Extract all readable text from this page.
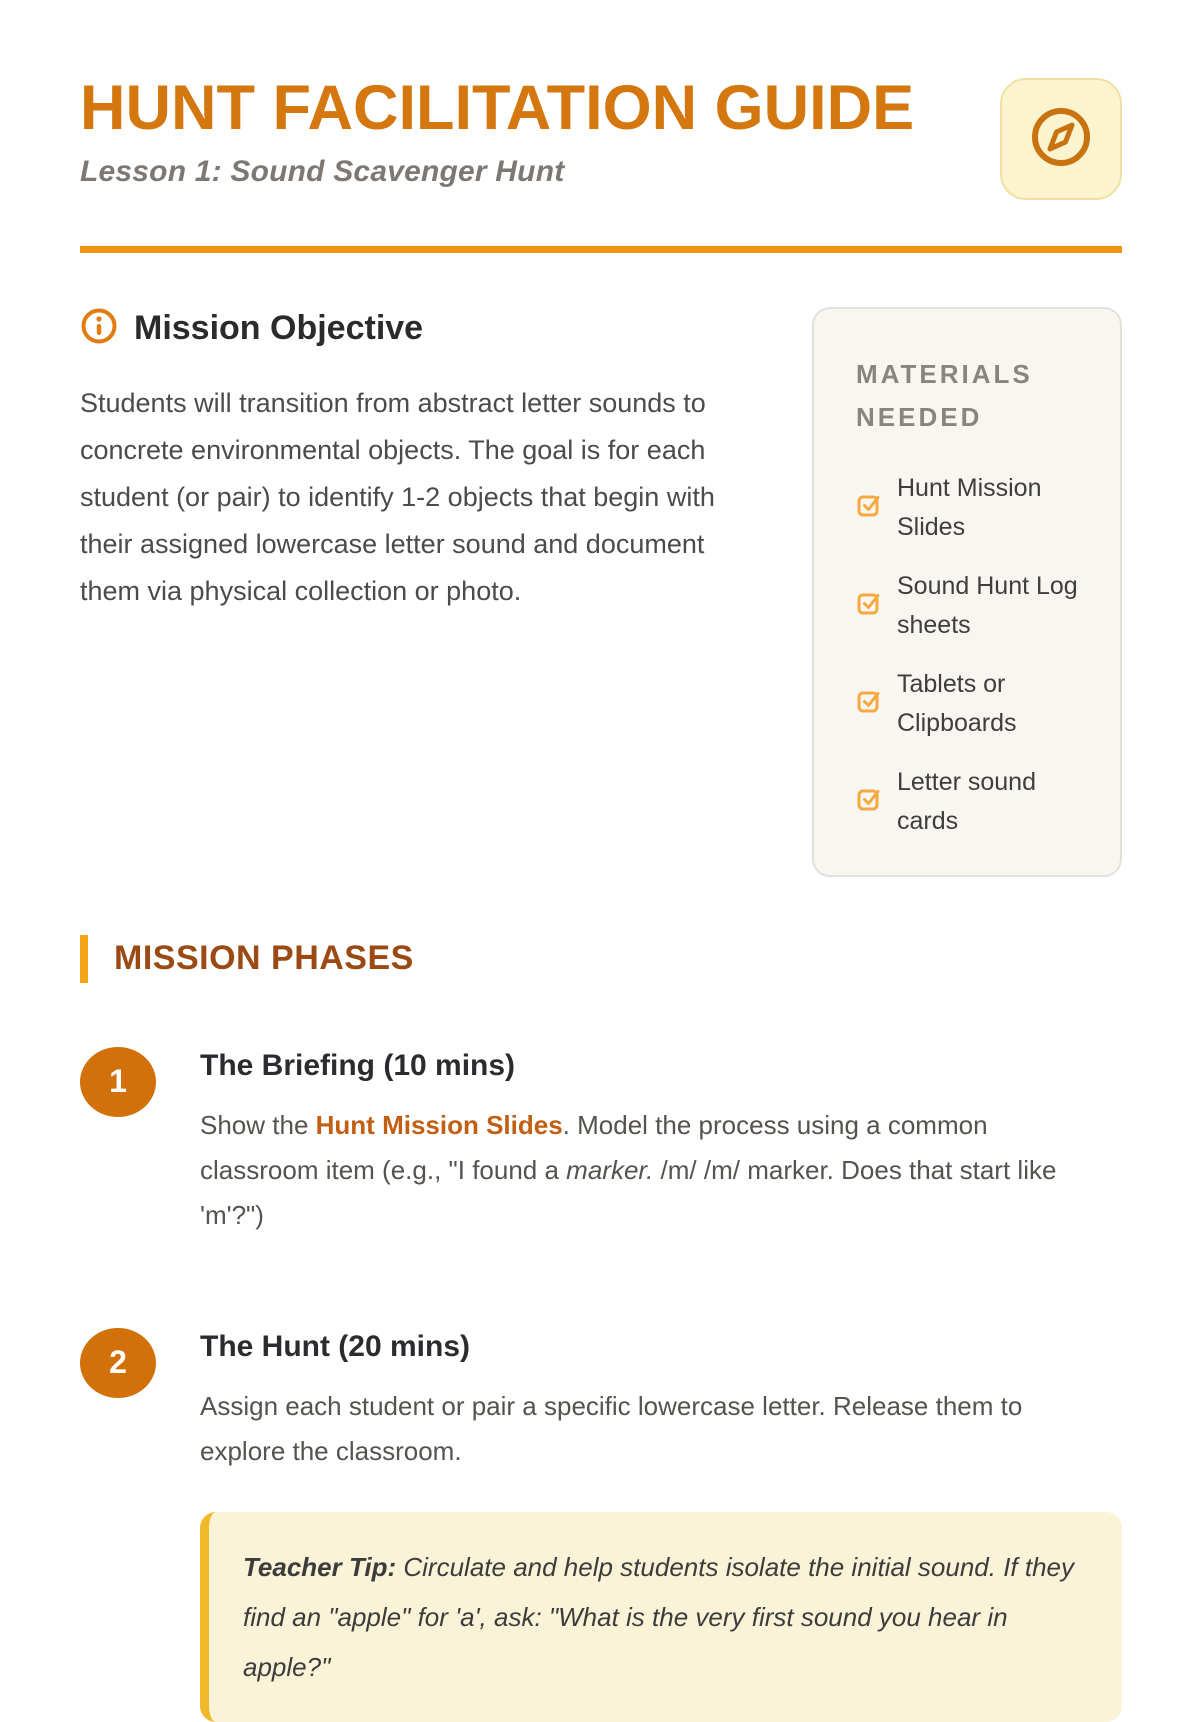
HUNT FACILITATION GUIDE
Lesson 1: Sound Scavenger Hunt
Mission Objective

Students will transition from abstract letter sounds to concrete environmental objects. The goal is for each student (or pair) to identify 1-2 objects that begin with their assigned lowercase letter sound and document them via physical collection or photo.

MATERIALS NEEDED
Hunt Mission Slides
Sound Hunt Log sheets
Tablets or Clipboards
Letter sound cards
MISSION PHASES
1	The Briefing (10 mins)

Show the Hunt Mission Slides. Model the process using a common classroom item (e.g., "I found a marker. /m/ /m/ marker. Does that start like 'm'?")

2	The Hunt (20 mins)

Assign each student or pair a specific lowercase letter. Release them to explore the classroom.

Teacher Tip: Circulate and help students isolate the initial sound. If they find an "apple" for 'a', ask: "What is the very first sound you hear in apple?"
